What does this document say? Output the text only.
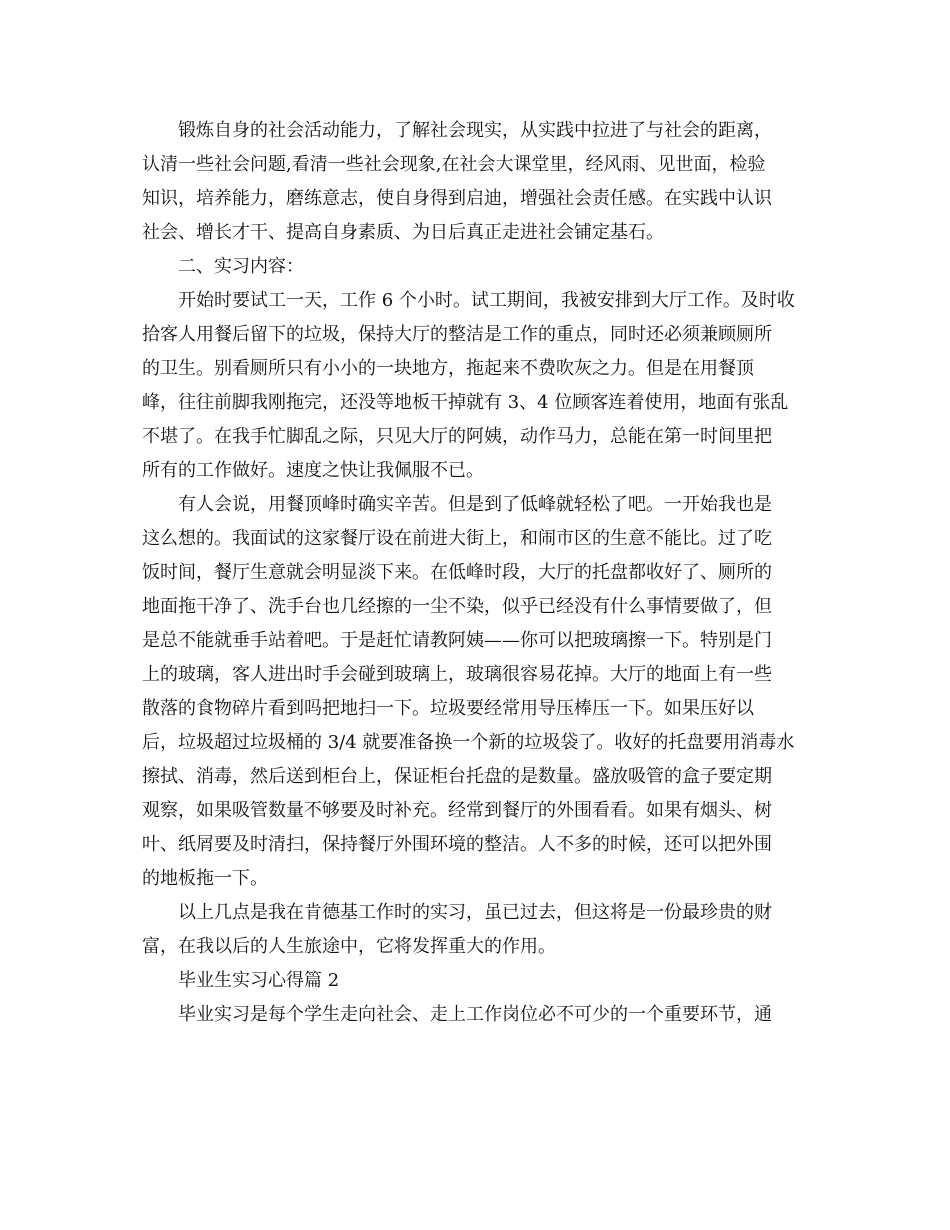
锻炼自身的社会活动能力，了解社会现实，从实践中拉进了与社会的距离，

认清一些社会问题,看清一些社会现象,在社会大课堂里，经风雨、见世面，检验

知识，培养能力，磨练意志，使自身得到启迪，增强社会责任感。在实践中认识

社会、增长才干、提高自身素质、为日后真正走进社会铺定基石。

二、实习内容：

开始时要试工一天，工作 6 个小时。试工期间，我被安排到大厅工作。及时收

拾客人用餐后留下的垃圾，保持大厅的整洁是工作的重点，同时还必须兼顾厕所

的卫生。别看厕所只有小小的一块地方，拖起来不费吹灰之力。但是在用餐顶

峰，往往前脚我刚拖完，还没等地板干掉就有 3、4 位顾客连着使用，地面有张乱

不堪了。在我手忙脚乱之际，只见大厅的阿姨，动作马力，总能在第一时间里把

所有的工作做好。速度之快让我佩服不已。

有人会说，用餐顶峰时确实辛苦。但是到了低峰就轻松了吧。一开始我也是

这么想的。我面试的这家餐厅设在前进大街上，和闹市区的生意不能比。过了吃

饭时间，餐厅生意就会明显淡下来。在低峰时段，大厅的托盘都收好了、厕所的

地面拖干净了、洗手台也几经擦的一尘不染，似乎已经没有什么事情要做了，但

是总不能就垂手站着吧。于是赶忙请教阿姨——你可以把玻璃擦一下。特别是门

上的玻璃，客人进出时手会碰到玻璃上，玻璃很容易花掉。大厅的地面上有一些

散落的食物碎片看到吗把地扫一下。垃圾要经常用导压棒压一下。如果压好以

后，垃圾超过垃圾桶的 3/4 就要准备换一个新的垃圾袋了。收好的托盘要用消毒水

擦拭、消毒，然后送到柜台上，保证柜台托盘的是数量。盛放吸管的盒子要定期

观察，如果吸管数量不够要及时补充。经常到餐厅的外围看看。如果有烟头、树

叶、纸屑要及时清扫，保持餐厅外围环境的整洁。人不多的时候，还可以把外围

的地板拖一下。

以上几点是我在肯德基工作时的实习，虽已过去，但这将是一份最珍贵的财

富，在我以后的人生旅途中，它将发挥重大的作用。

毕业生实习心得篇 2

毕业实习是每个学生走向社会、走上工作岗位必不可少的一个重要环节，通
